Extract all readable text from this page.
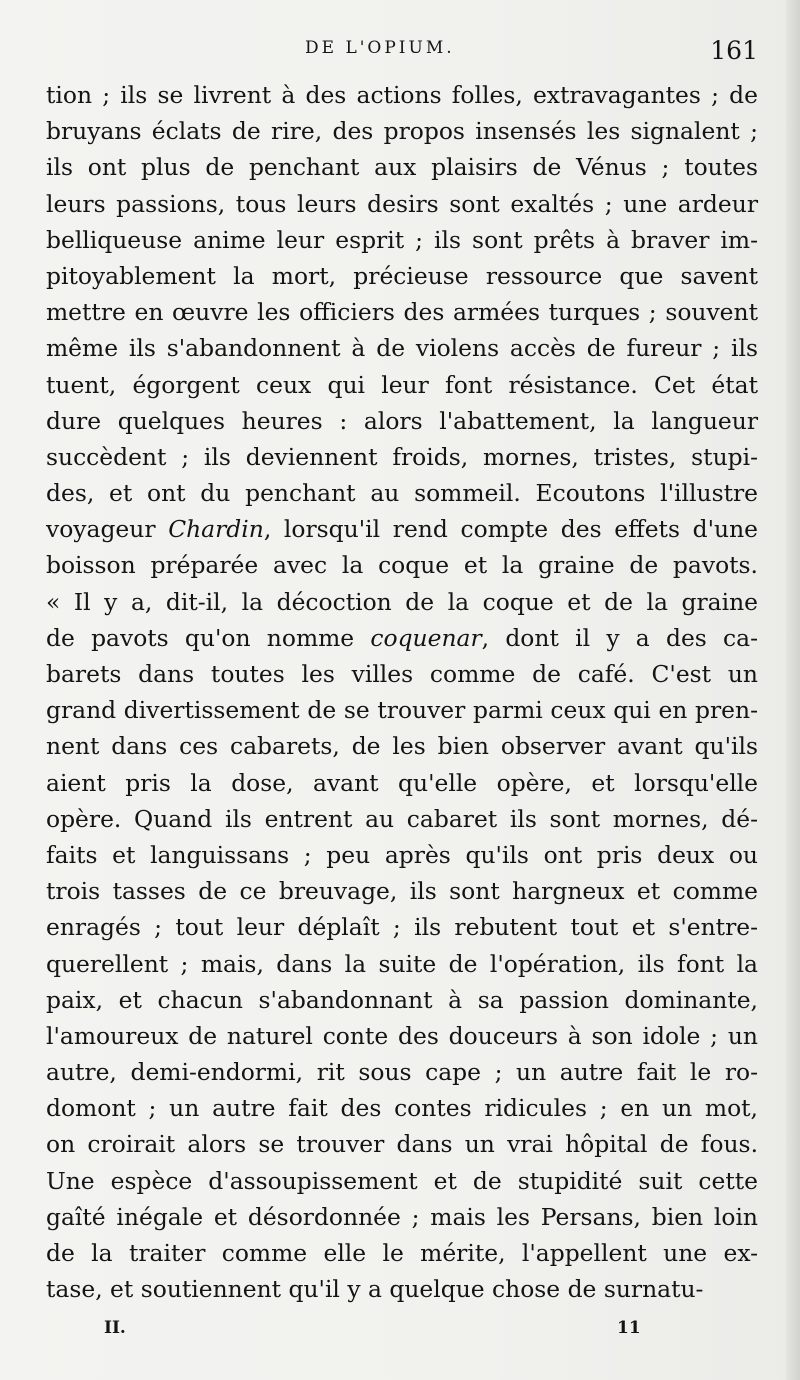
DE L'OPIUM.	161
tion ; ils se livrent à des actions folles, extravagantes ; de
bruyans éclats de rire, des propos insensés les signalent ;
ils ont plus de penchant aux plaisirs de Vénus ; toutes
leurs passions, tous leurs desirs sont exaltés ; une ardeur
belliqueuse anime leur esprit ; ils sont prêts à braver im-
pitoyablement la mort, précieuse ressource que savent
mettre en œuvre les officiers des armées turques ; souvent
même ils s'abandonnent à de violens accès de fureur ; ils
tuent, égorgent ceux qui leur font résistance. Cet état
dure quelques heures : alors l'abattement, la langueur
succèdent ; ils deviennent froids, mornes, tristes, stupi-
des, et ont du penchant au sommeil. Ecoutons l'illustre
voyageur Chardin, lorsqu'il rend compte des effets d'une
boisson préparée avec la coque et la graine de pavots.
« Il y a, dit-il, la décoction de la coque et de la graine
de pavots qu'on nomme coquenar, dont il y a des ca-
barets dans toutes les villes comme de café. C'est un
grand divertissement de se trouver parmi ceux qui en pren-
nent dans ces cabarets, de les bien observer avant qu'ils
aient pris la dose, avant qu'elle opère, et lorsqu'elle
opère. Quand ils entrent au cabaret ils sont mornes, dé-
faits et languissans ; peu après qu'ils ont pris deux ou
trois tasses de ce breuvage, ils sont hargneux et comme
enragés ; tout leur déplaît ; ils rebutent tout et s'entre-
querellent ; mais, dans la suite de l'opération, ils font la
paix, et chacun s'abandonnant à sa passion dominante,
l'amoureux de naturel conte des douceurs à son idole ; un
autre, demi-endormi, rit sous cape ; un autre fait le ro-
domont ; un autre fait des contes ridicules ; en un mot,
on croirait alors se trouver dans un vrai hôpital de fous.
Une espèce d'assoupissement et de stupidité suit cette
gaîté inégale et désordonnée ; mais les Persans, bien loin
de la traiter comme elle le mérite, l'appellent une ex-
tase, et soutiennent qu'il y a quelque chose de surnatu-
II.	11
